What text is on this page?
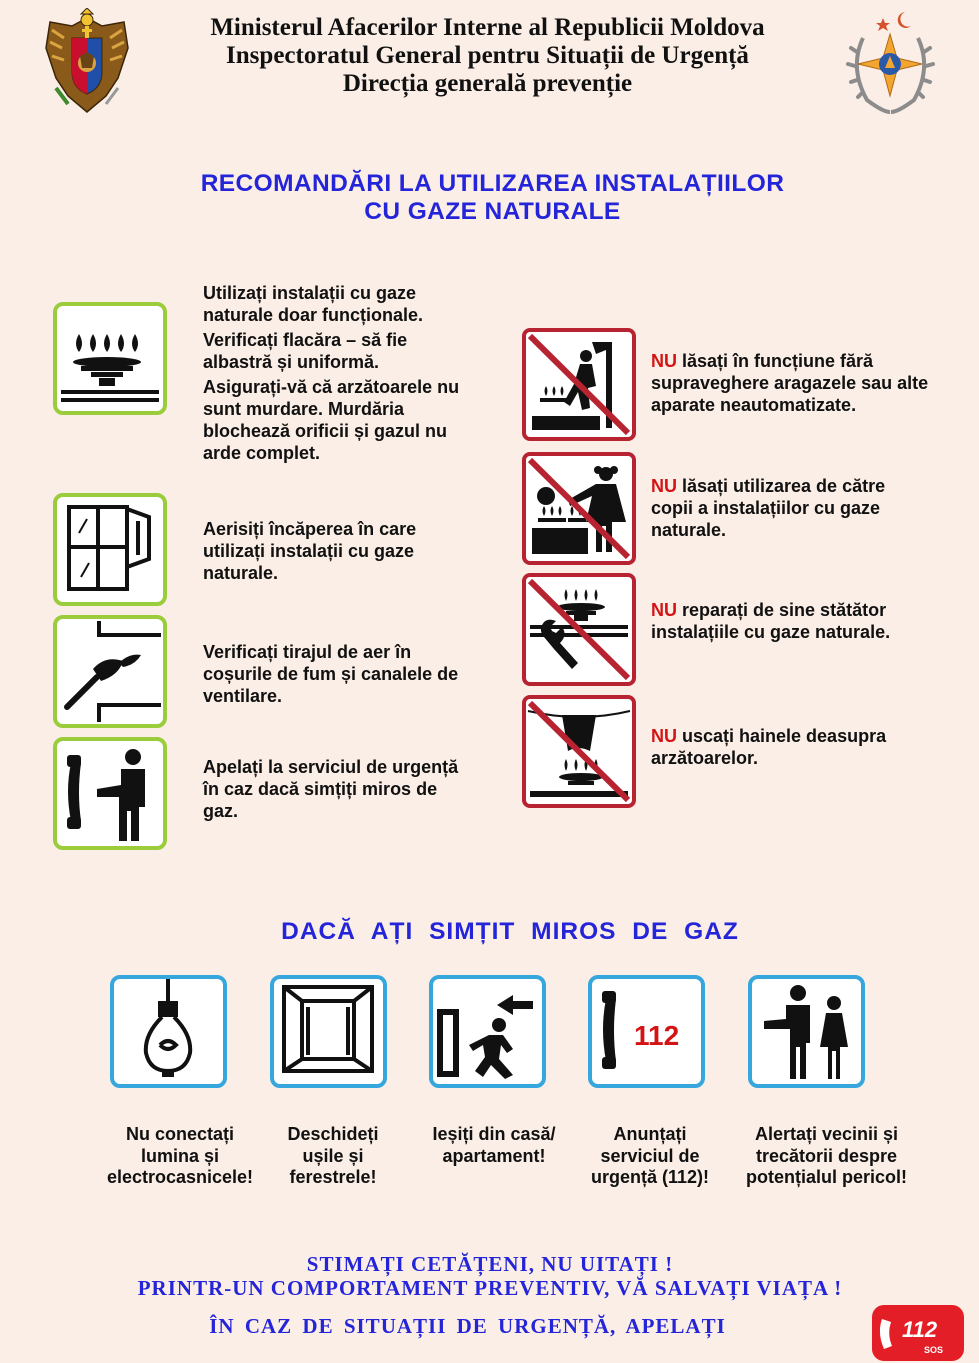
Ministerul Afacerilor Interne al Republicii Moldova
Inspectoratul General pentru Situații de Urgență
Direcția generală prevenție
RECOMANDĂRI LA UTILIZAREA INSTALAȚIILOR
CU GAZE NATURALE

Utilizați instalații cu gaze naturale doar funcționale.

Verificați flacăra – să fie albastră și uniformă.

Asigurați-vă că arzătoarele nu sunt murdare. Murdăria blochează orificii și gazul nu arde complet.

Aerisiți încăperea în care utilizați instalații cu gaze naturale.
Verificați tirajul de aer în coșurile de fum și canalele de ventilare.
Apelați la serviciul de urgență în caz dacă simțiți miros de gaz.
NU lăsați în funcțiune fără supraveghere aragazele sau alte aparate neautomatizate.
NU lăsați utilizarea de către copii a instalațiilor cu gaze naturale.
NU reparați de sine stătător instalațiile cu gaze naturale.
NU uscați hainele deasupra arzătoarelor.
DACĂ AȚI SIMȚIT MIROS DE GAZ
112
Nu conectați
lumina și
electrocasnicele!
Deschideți
ușile și
ferestrele!
Ieșiți din casă/
apartament!
Anunțați
serviciul de
urgență (112)!
Alertați vecinii și
trecătorii despre
potențialul pericol!
STIMAȚI CETĂȚENI, NU UITAȚI !
PRINTR-UN COMPORTAMENT PREVENTIV, VĂ SALVAȚI VIAȚA !
ÎN CAZ DE SITUAȚII DE URGENȚĂ, APELAȚI	112
SOS
